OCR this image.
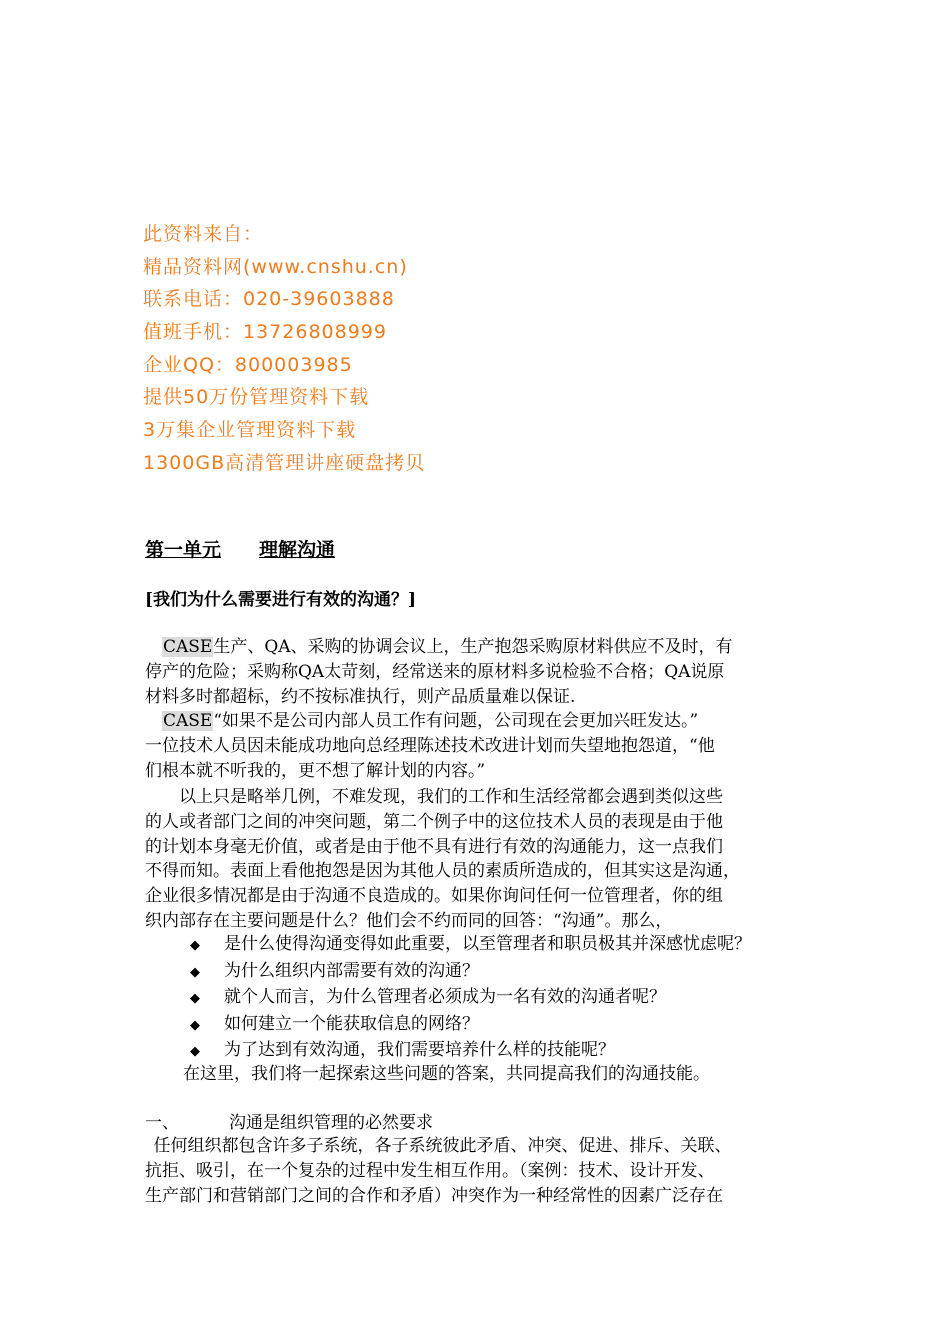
此资料来自：
精品资料网(www.cnshu.cn)
联系电话：020-39603888
值班手机：13726808999
企业QQ：800003985
提供50万份管理资料下载
3万集企业管理资料下载
1300GB高清管理讲座硬盘拷贝
第一单元 理解沟通
[我们为什么需要进行有效的沟通？]
 CASE生产、QA、采购的协调会议上，生产抱怨采购原材料供应不及时，有
停产的危险；采购称QA太苛刻，经常送来的原材料多说检验不合格；QA说原
材料多时都超标，约不按标准执行，则产品质量难以保证.
 CASE“如果不是公司内部人员工作有问题，公司现在会更加兴旺发达。”
一位技术人员因未能成功地向总经理陈述技术改进计划而失望地抱怨道，“他
们根本就不听我的，更不想了解计划的内容。”
  以上只是略举几例，不难发现，我们的工作和生活经常都会遇到类似这些
的人或者部门之间的冲突问题，第二个例子中的这位技术人员的表现是由于他
的计划本身毫无价值，或者是由于他不具有进行有效的沟通能力，这一点我们
不得而知。表面上看他抱怨是因为其他人员的素质所造成的，但其实这是沟通，
企业很多情况都是由于沟通不良造成的。如果你询问任何一位管理者，你的组
织内部存在主要问题是什么？他们会不约而同的回答：“沟通”。那么，
◆ 是什么使得沟通变得如此重要，以至管理者和职员极其并深感忧虑呢？
◆ 为什么组织内部需要有效的沟通？
◆ 就个人而言，为什么管理者必须成为一名有效的沟通者呢？
◆ 如何建立一个能获取信息的网络？
◆ 为了达到有效沟通，我们需要培养什么样的技能呢？
在这里，我们将一起探索这些问题的答案，共同提高我们的沟通技能。
一、	沟通是组织管理的必然要求
 任何组织都包含许多子系统，各子系统彼此矛盾、冲突、促进、排斥、关联、
抗拒、吸引，在一个复杂的过程中发生相互作用。（案例：技术、设计开发、
生产部门和营销部门之间的合作和矛盾）冲突作为一种经常性的因素广泛存在
